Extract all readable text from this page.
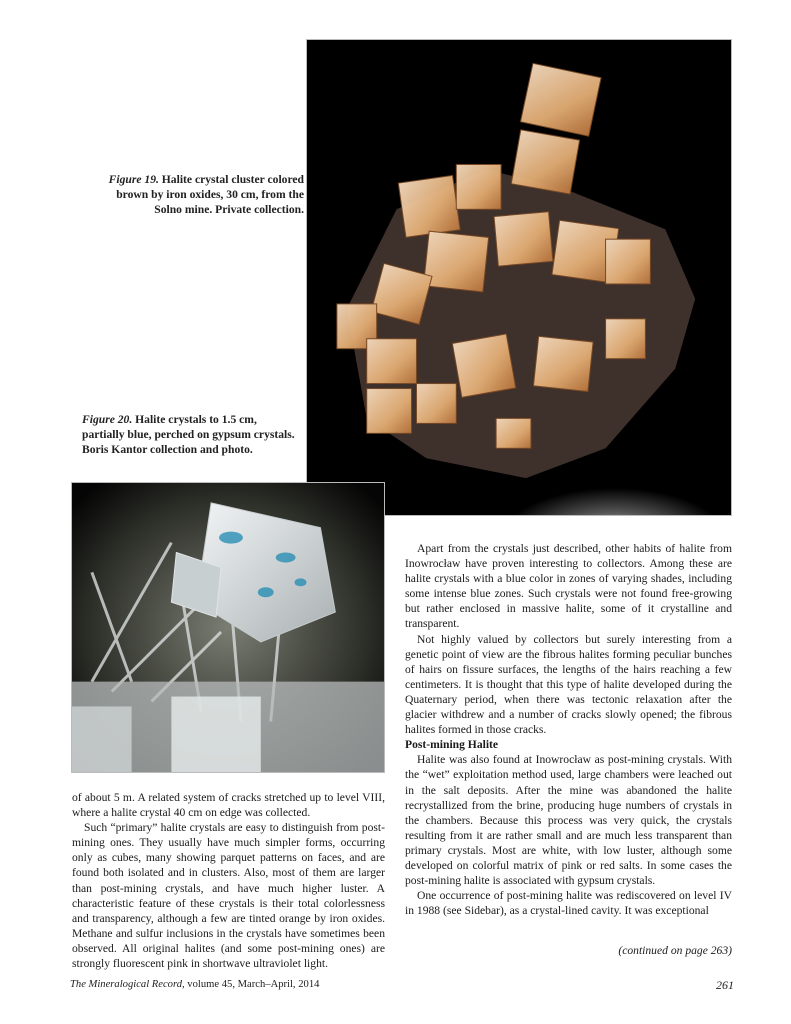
Figure 19. Halite crystal cluster colored brown by iron oxides, 30 cm, from the Solno mine. Private collection.
Figure 20. Halite crystals to 1.5 cm, partially blue, perched on gypsum crystals. Boris Kantor collection and photo.

of about 5 m. A related system of cracks stretched up to level VIII, where a halite crystal 40 cm on edge was collected.

Such “primary” halite crystals are easy to distinguish from post-mining ones. They usually have much simpler forms, occurring only as cubes, many showing parquet patterns on faces, and are found both isolated and in clusters. Also, most of them are larger than post-mining crystals, and have much higher luster. A characteristic feature of these crystals is their total colorlessness and transparency, although a few are tinted orange by iron oxides. Methane and sulfur inclusions in the crystals have sometimes been observed. All original halites (and some post-mining ones) are strongly fluorescent pink in shortwave ultraviolet light.

Apart from the crystals just described, other habits of halite from Inowrocław have proven interesting to collectors. Among these are halite crystals with a blue color in zones of varying shades, including some intense blue zones. Such crystals were not found free-growing but rather enclosed in massive halite, some of it crystalline and transparent.

Not highly valued by collectors but surely interesting from a genetic point of view are the fibrous halites forming peculiar bunches of hairs on fissure surfaces, the lengths of the hairs reaching a few centimeters. It is thought that this type of halite developed during the Quaternary period, when there was tectonic relaxation after the glacier withdrew and a number of cracks slowly opened; the fibrous halites formed in those cracks.

Post-mining Halite

Halite was also found at Inowrocław as post-mining crystals. With the “wet” exploitation method used, large chambers were leached out in the salt deposits. After the mine was abandoned the halite recrystallized from the brine, producing huge numbers of crystals in the chambers. Because this process was very quick, the crystals resulting from it are rather small and are much less transparent than primary crystals. Most are white, with low luster, although some developed on colorful matrix of pink or red salts. In some cases the post-mining halite is associated with gypsum crystals.

One occurrence of post-mining halite was rediscovered on level IV in 1988 (see Sidebar), as a crystal-lined cavity. It was exceptional

(continued on page 263)
The Mineralogical Record, volume 45, March–April, 2014	261
